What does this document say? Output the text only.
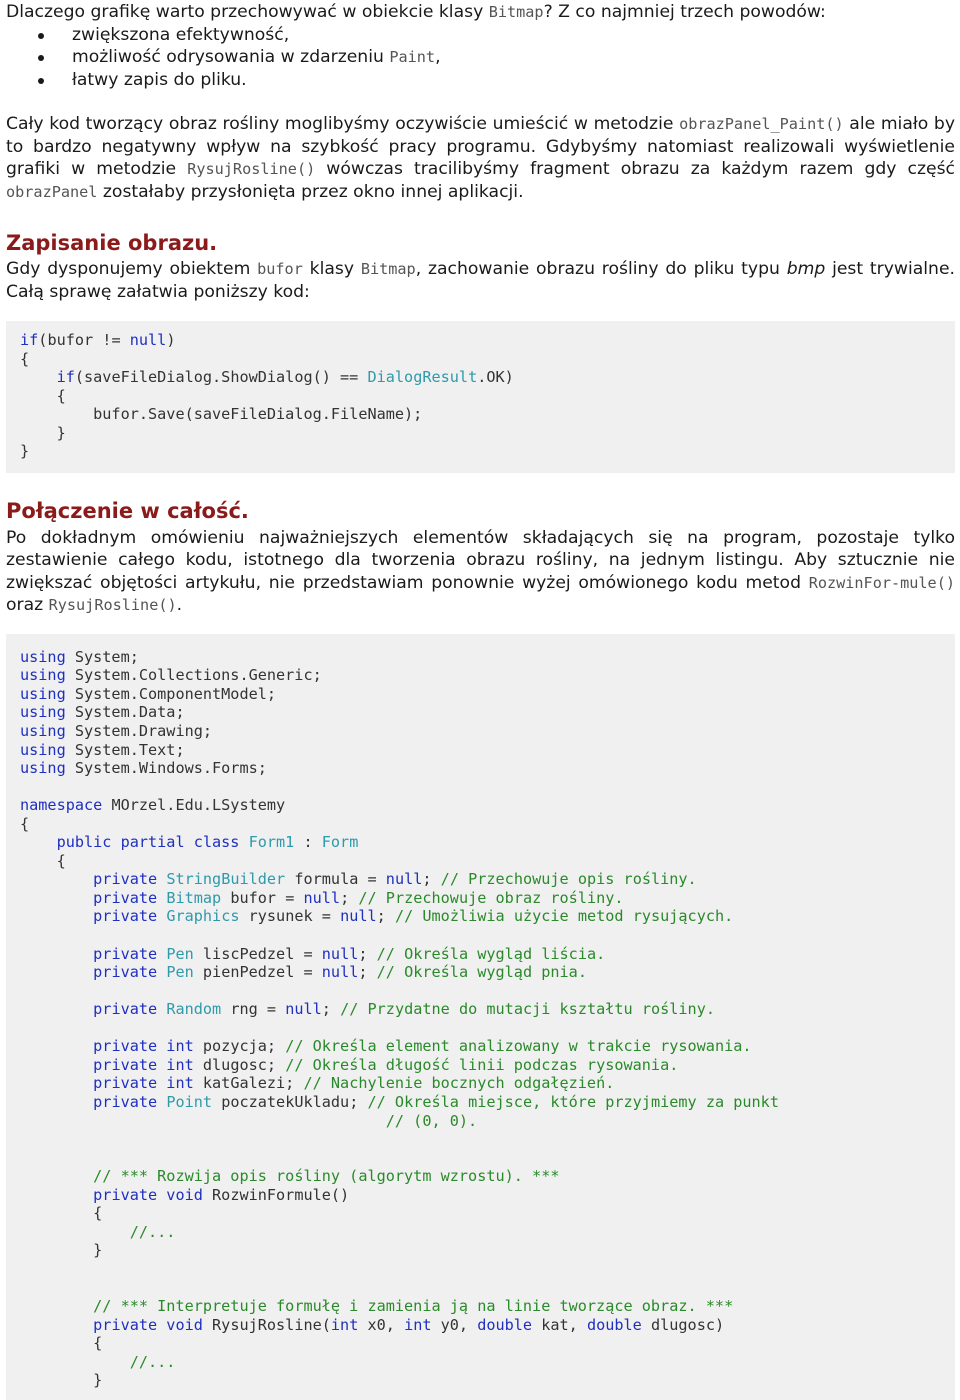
Dlaczego grafikę warto przechowywać w obiekcie klasy Bitmap? Z co najmniej trzech powodów:

zwiększona efektywność,
możliwość odrysowania w zdarzeniu Paint,
łatwy zapis do pliku.

Cały kod tworzący obraz rośliny moglibyśmy oczywiście umieścić w metodzie obrazPanel_Paint() ale miało by to bardzo negatywny wpływ na szybkość pracy programu. Gdybyśmy natomiast realizowali wyświetlenie grafiki w metodzie RysujRosline() wówczas tracilibyśmy fragment obrazu za każdym razem gdy część obrazPanel zostałaby przysłonięta przez okno innej aplikacji.

Zapisanie obrazu.

Gdy dysponujemy obiektem bufor klasy Bitmap, zachowanie obrazu rośliny do pliku typu bmp jest trywialne. Całą sprawę załatwia poniższy kod:

if(bufor != null)
{
if(saveFileDialog.ShowDialog() == DialogResult.OK)
{
bufor.Save(saveFileDialog.FileName);
}
}
Połączenie w całość.

Po dokładnym omówieniu najważniejszych elementów składających się na program, pozostaje tylko zestawienie całego kodu, istotnego dla tworzenia obrazu rośliny, na jednym listingu. Aby sztucznie nie zwiększać objętości artykułu, nie przedstawiam ponownie wyżej omówionego kodu metod RozwinFor-mule() oraz RysujRosline().

using System;
using System.Collections.Generic;
using System.ComponentModel;
using System.Data;
using System.Drawing;
using System.Text;
using System.Windows.Forms;

namespace MOrzel.Edu.LSystemy
{
public partial class Form1 : Form
{
private StringBuilder formula = null; // Przechowuje opis rośliny.
private Bitmap bufor = null; // Przechowuje obraz rośliny.
private Graphics rysunek = null; // Umożliwia użycie metod rysujących.

private Pen liscPedzel = null; // Określa wygląd liścia.
private Pen pienPedzel = null; // Określa wygląd pnia.

private Random rng = null; // Przydatne do mutacji kształtu rośliny.

private int pozycja; // Określa element analizowany w trakcie rysowania.
private int dlugosc; // Określa długość linii podczas rysowania.
private int katGalezi; // Nachylenie bocznych odgałęzień.
private Point poczatekUkladu; // Określa miejsce, które przyjmiemy za punkt
// (0, 0).

// *** Rozwija opis rośliny (algorytm wzrostu). ***
private void RozwinFormule()
{
//...
}

// *** Interpretuje formułę i zamienia ją na linie tworzące obraz. ***
private void RysujRosline(int x0, int y0, double kat, double dlugosc)
{
//...
}
